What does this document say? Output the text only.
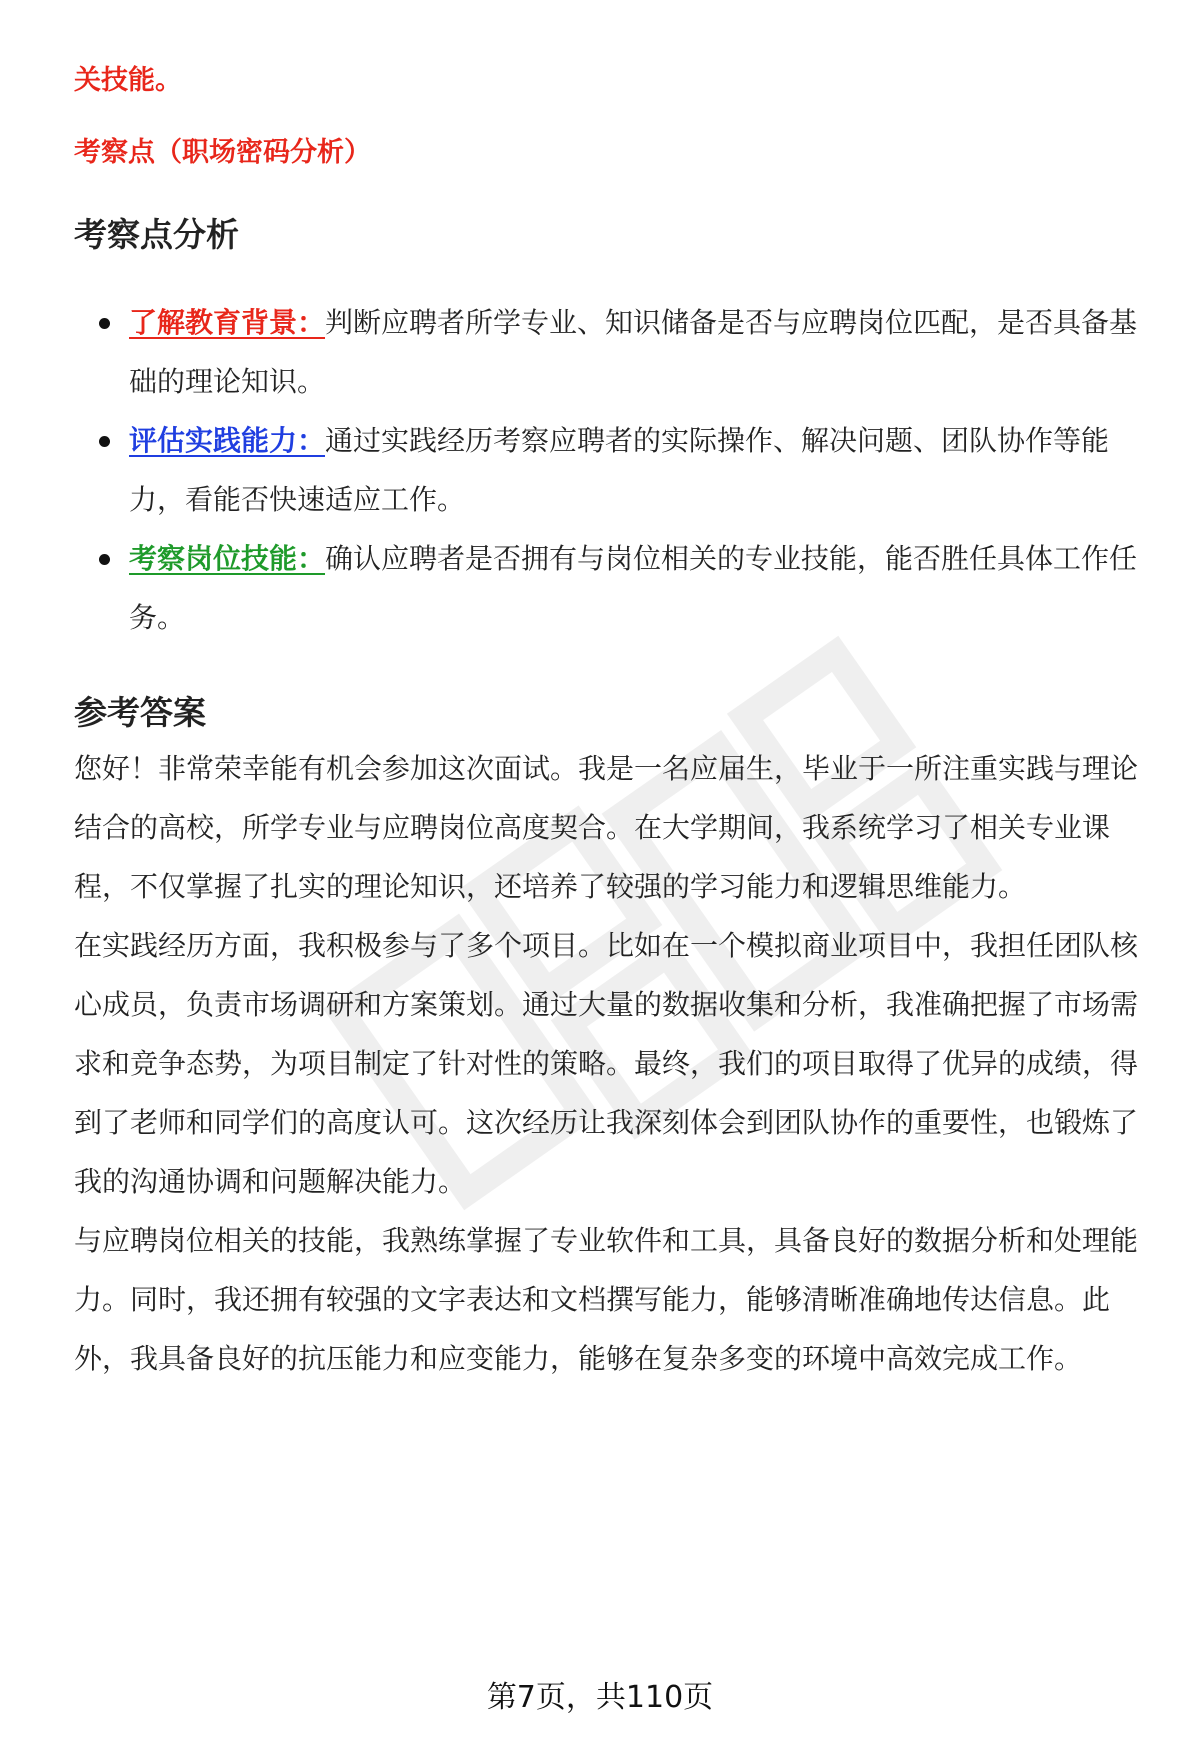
关技能。

考察点（职场密码分析）

考察点分析
了解教育背景：判断应聘者所学专业、知识储备是否与应聘岗位匹配，是否具备基础的理论知识。
评估实践能力：通过实践经历考察应聘者的实际操作、解决问题、团队协作等能力，看能否快速适应工作。
考察岗位技能：确认应聘者是否拥有与岗位相关的专业技能，能否胜任具体工作任务。
参考答案

您好！非常荣幸能有机会参加这次面试。我是一名应届生，毕业于一所注重实践与理论结合的高校，所学专业与应聘岗位高度契合。在大学期间，我系统学习了相关专业课程，不仅掌握了扎实的理论知识，还培养了较强的学习能力和逻辑思维能力。

在实践经历方面，我积极参与了多个项目。比如在一个模拟商业项目中，我担任团队核心成员，负责市场调研和方案策划。通过大量的数据收集和分析，我准确把握了市场需求和竞争态势，为项目制定了针对性的策略。最终，我们的项目取得了优异的成绩，得到了老师和同学们的高度认可。这次经历让我深刻体会到团队协作的重要性，也锻炼了我的沟通协调和问题解决能力。

与应聘岗位相关的技能，我熟练掌握了专业软件和工具，具备良好的数据分析和处理能力。同时，我还拥有较强的文字表达和文档撰写能力，能够清晰准确地传达信息。此外，我具备良好的抗压能力和应变能力，能够在复杂多变的环境中高效完成工作。

第7页，共110页
